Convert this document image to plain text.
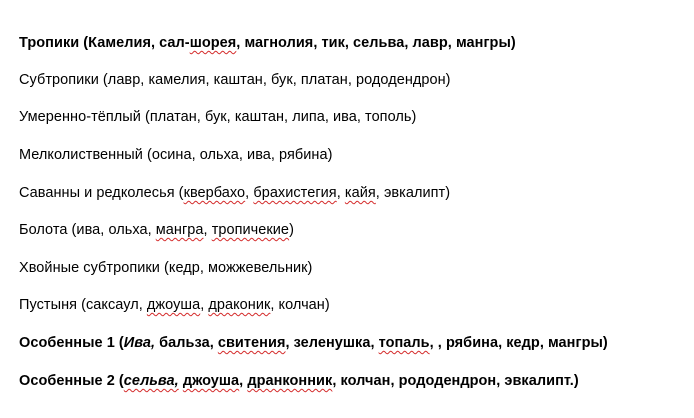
Тропики (Камелия, сал-шорея, магнолия, тик, сельва, лавр, мангры)
Субтропики (лавр, камелия, каштан, бук, платан, рододендрон)
Умеренно-тёплый (платан, бук, каштан, липа, ива, тополь)
Мелколиственный (осина, ольха, ива, рябина)
Саванны и редколесья (квербахо, брахистегия, кайя, эвкалипт)
Болота (ива, ольха, мангра, тропичекие)
Хвойные субтропики (кедр, можжевельник)
Пустыня (саксаул, джоуша, драконик, колчан)
Особенные 1 (Ива, бальза, свитения, зеленушка, топаль, , рябина, кедр, мангры)
Особенные 2 (сельва, джоуша, дранконник, колчан, рододендрон, эвкалипт.)
